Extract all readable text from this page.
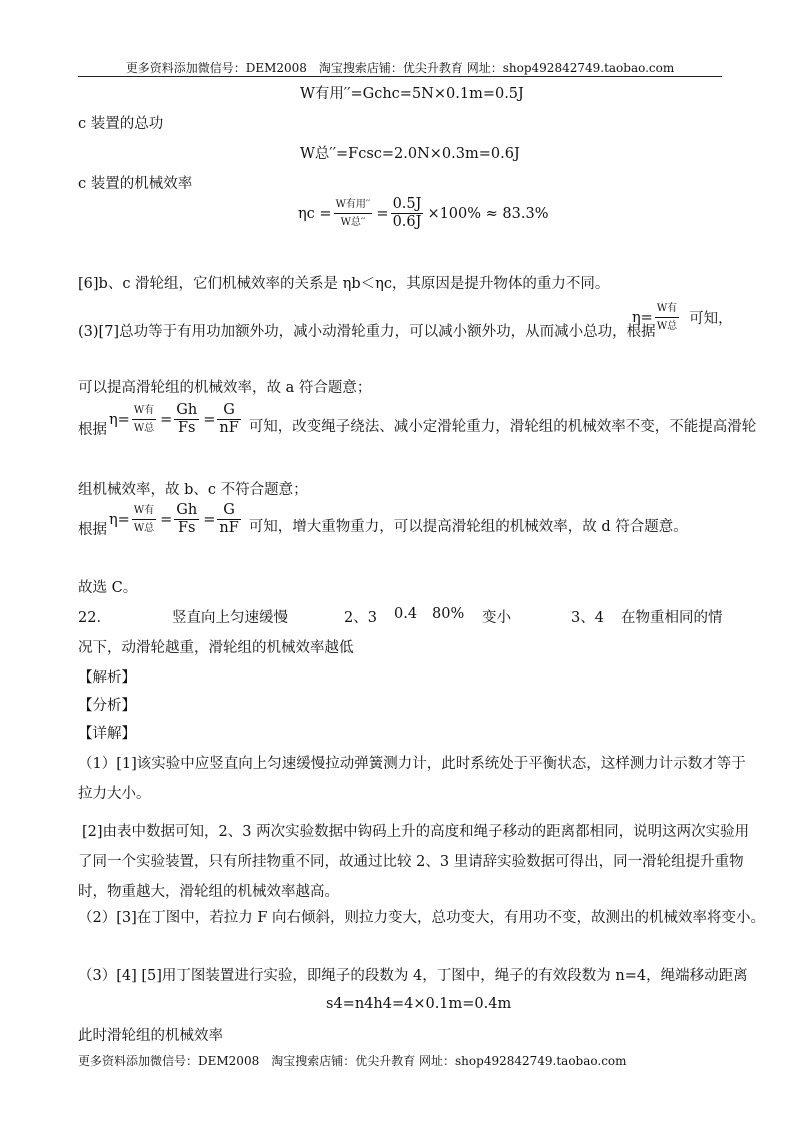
更多资料添加微信号：DEM2008　淘宝搜索店铺：优尖升教育 网址：shop492842749.taobao.com
W有用′′=Gchc=5N×0.1m=0.5J
c 装置的总功
W总′′=Fcsc=2.0N×0.3m=0.6J
c 装置的机械效率
$\eta c = \frac{\text{W有用′′}}{\text{W总′′}} = \frac{0.5J}{0.6J} \times 100\% \approx 83.3\%$
[6]b、c 滑轮组，它们机械效率的关系是 ηb＜ηc，其原因是提升物体的重力不同。
(3)[7]总功等于有用功加额外功，减小动滑轮重力，可以减小额外功，从而减小总功，根据
$\eta= \frac{\text{W有}}{\text{W总}}$ 可知，
可以提高滑轮组的机械效率，故 a 符合题意；
根据
$\eta= \frac{\text{W有}}{\text{W总}} = \frac{Gh}{Fs} = \frac{G}{nF}$ 可知，改变绳子绕法、减小定滑轮重力，滑轮组的机械效率不变，不能提高滑轮
组机械效率，故 b、c 不符合题意；
根据
$\eta= \frac{\text{W有}}{\text{W总}} = \frac{Gh}{Fs} = \frac{G}{nF}$ 可知，增大重物重力，可以提高滑轮组的机械效率，故 d 符合题意。
故选 C。
22．	竖直向上匀速缓慢	2、3 0.4 80% 变小	3、4 在物重相同的情
况下，动滑轮越重，滑轮组的机械效率越低
【解析】
【分析】
【详解】
（1）[1]该实验中应竖直向上匀速缓慢拉动弹簧测力计，此时系统处于平衡状态，这样测力计示数才等于
拉力大小。
[2]由表中数据可知，2、3 两次实验数据中钩码上升的高度和绳子移动的距离都相同，说明这两次实验用
了同一个实验装置，只有所挂物重不同，故通过比较 2、3 里请辞实验数据可得出，同一滑轮组提升重物
时，物重越大，滑轮组的机械效率越高。
（2）[3]在丁图中，若拉力 F 向右倾斜，则拉力变大，总功变大，有用功不变，故测出的机械效率将变小。
（3）[4] [5]用丁图装置进行实验，即绳子的段数为 4，丁图中，绳子的有效段数为 n=4，绳端移动距离
s4=n4h4=4×0.1m=0.4m
此时滑轮组的机械效率
更多资料添加微信号：DEM2008　淘宝搜索店铺：优尖升教育 网址：shop492842749.taobao.com
